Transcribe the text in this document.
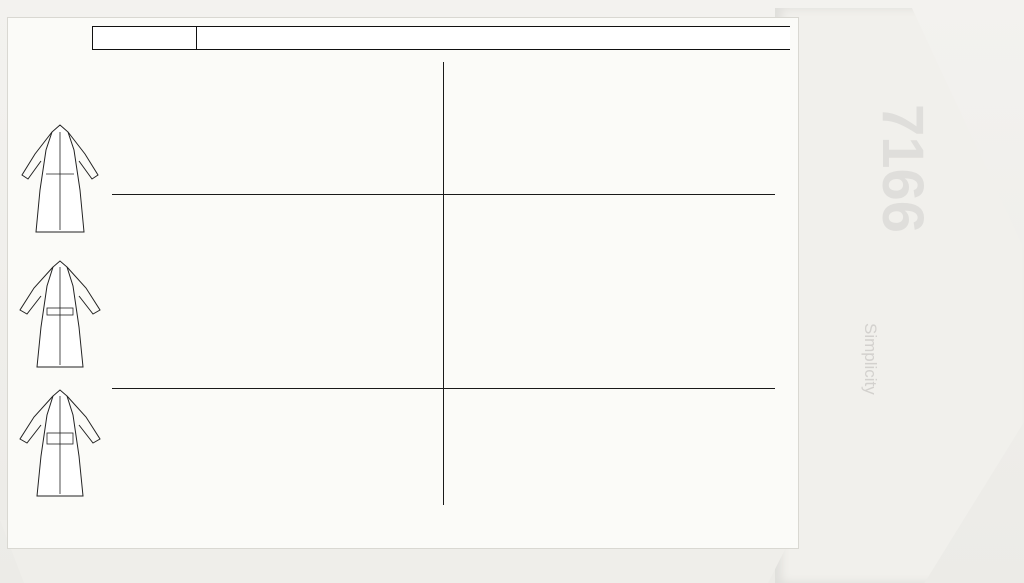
7166
Simplicity
